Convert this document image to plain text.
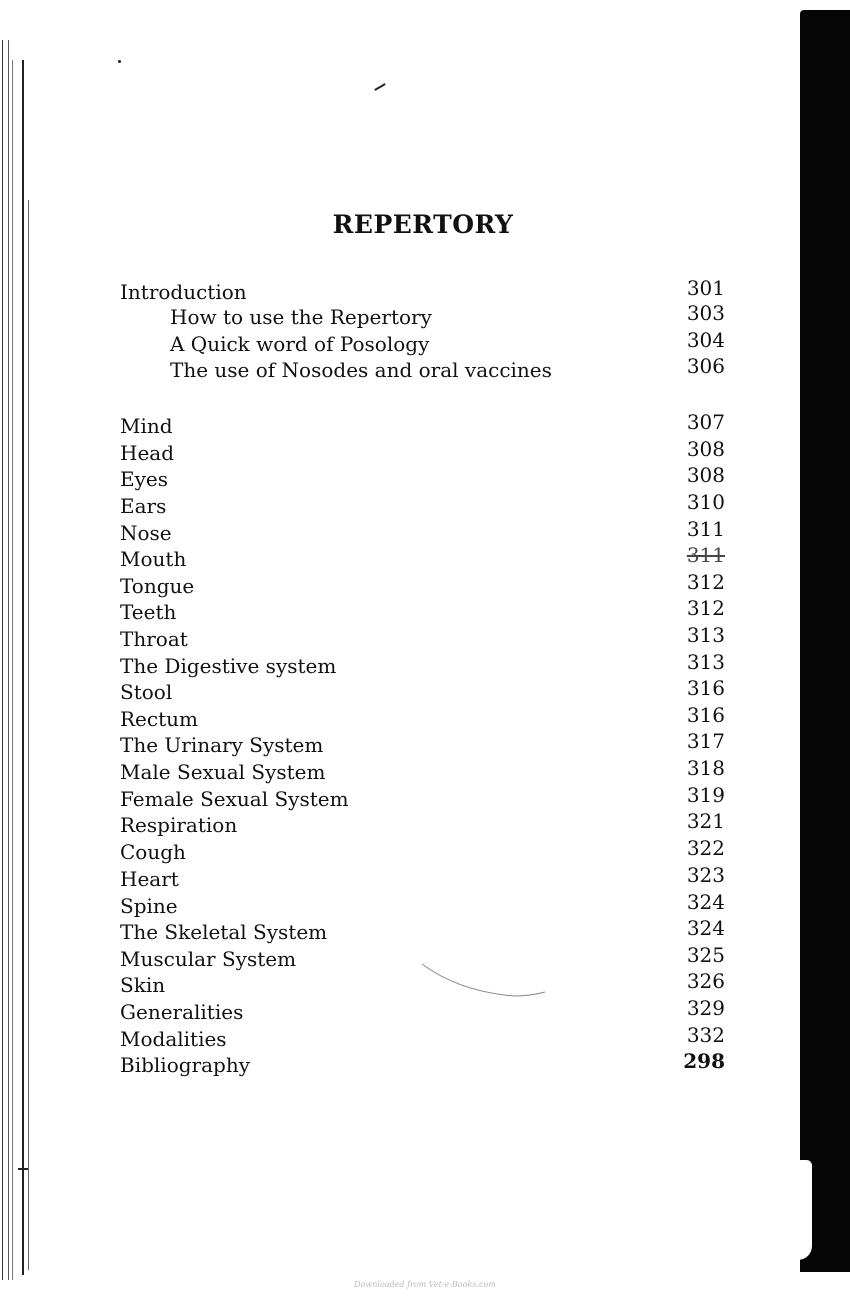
REPERTORY
Introduction	301
How to use the Repertory	303
A Quick word of Posology	304
The use of Nosodes and oral vaccines	306
Mind	307
Head	308
Eyes	308
Ears	310
Nose	311
Mouth	311
Tongue	312
Teeth	312
Throat	313
The Digestive system	313
Stool	316
Rectum	316
The Urinary System	317
Male Sexual System	318
Female Sexual System	319
Respiration	321
Cough	322
Heart	323
Spine	324
The Skeletal System	324
Muscular System	325
Skin	326
Generalities	329
Modalities	332
Bibliography	298
Downloaded from Vet-e-Books.com
